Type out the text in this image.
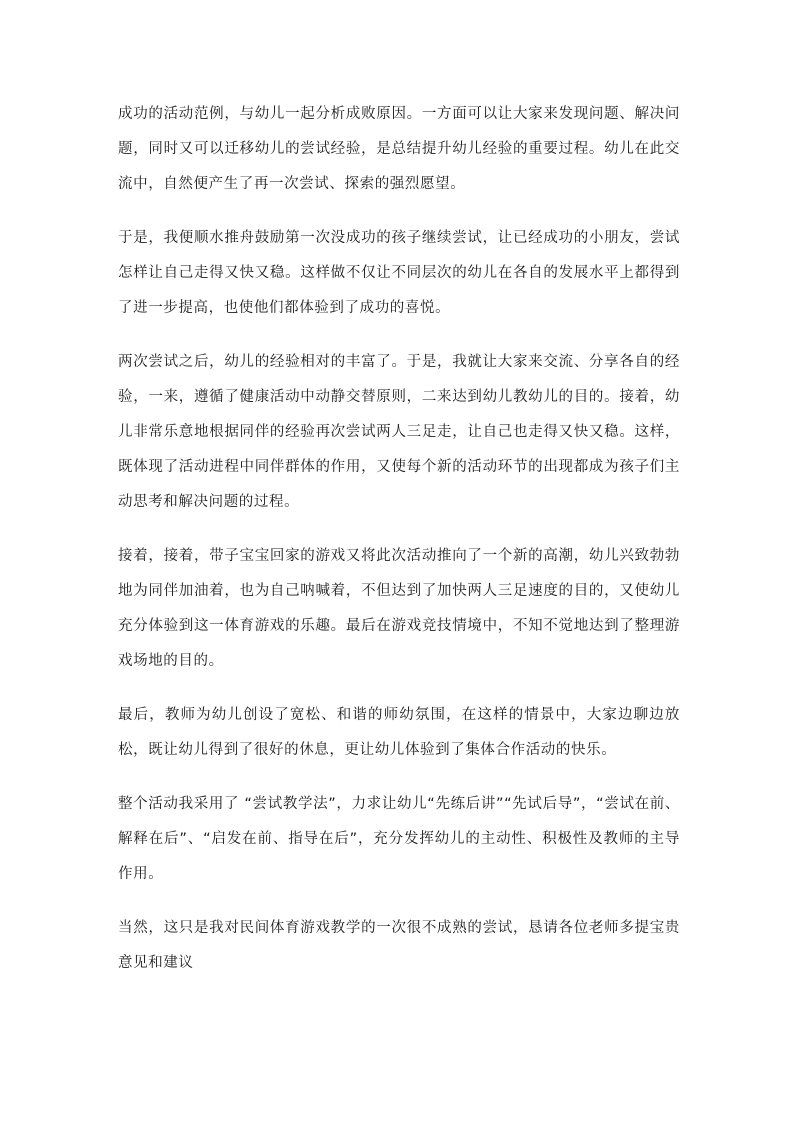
成功的活动范例，与幼儿一起分析成败原因。一方面可以让大家来发现问题、解决问题，同时又可以迁移幼儿的尝试经验，是总结提升幼儿经验的重要过程。幼儿在此交流中，自然便产生了再一次尝试、探索的强烈愿望。

于是，我便顺水推舟鼓励第一次没成功的孩子继续尝试，让已经成功的小朋友，尝试怎样让自己走得又快又稳。这样做不仅让不同层次的幼儿在各自的发展水平上都得到了进一步提高，也使他们都体验到了成功的喜悦。

两次尝试之后，幼儿的经验相对的丰富了。于是，我就让大家来交流、分享各自的经验，一来，遵循了健康活动中动静交替原则，二来达到幼儿教幼儿的目的。接着，幼儿非常乐意地根据同伴的经验再次尝试两人三足走，让自己也走得又快又稳。这样，既体现了活动进程中同伴群体的作用，又使每个新的活动环节的出现都成为孩子们主动思考和解决问题的过程。

接着，接着，带子宝宝回家的游戏又将此次活动推向了一个新的高潮，幼儿兴致勃勃地为同伴加油着，也为自己呐喊着，不但达到了加快两人三足速度的目的，又使幼儿充分体验到这一体育游戏的乐趣。最后在游戏竞技情境中，不知不觉地达到了整理游戏场地的目的。

最后，教师为幼儿创设了宽松、和谐的师幼氛围，在这样的情景中，大家边聊边放松，既让幼儿得到了很好的休息，更让幼儿体验到了集体合作活动的快乐。

整个活动我采用了 “尝试教学法”，力求让幼儿“先练后讲”“先试后导”，“尝试在前、解释在后”、“启发在前、指导在后”，充分发挥幼儿的主动性、积极性及教师的主导作用。

当然，这只是我对民间体育游戏教学的一次很不成熟的尝试，恳请各位老师多提宝贵意见和建议
